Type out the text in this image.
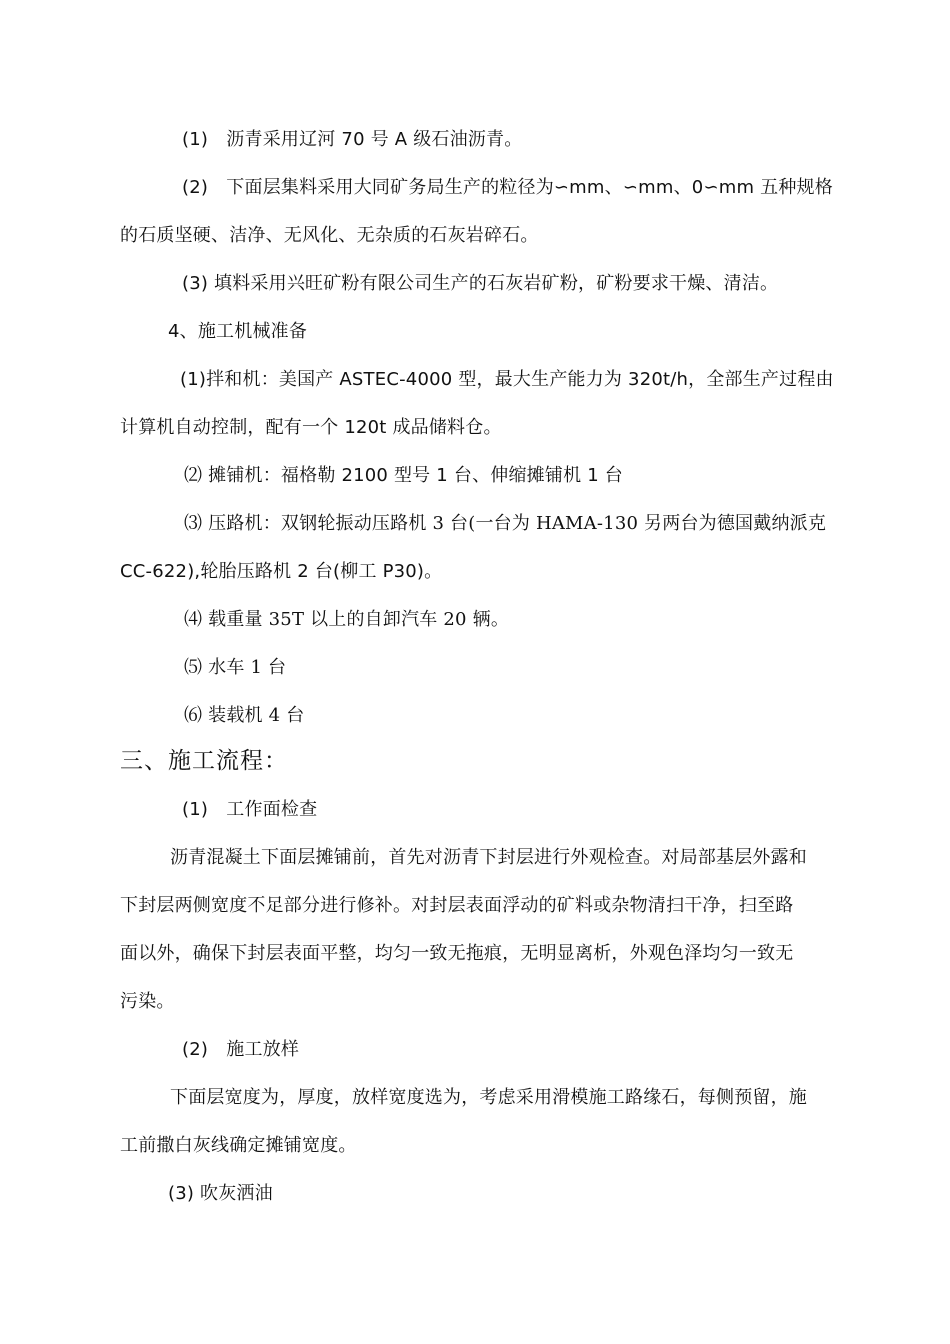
(1)　沥青采用辽河 70 号 A 级石油沥青。
(2)　下面层集料采用大同矿务局生产的粒径为∽mm、∽mm、0∽mm 五种规格
的石质坚硬、洁净、无风化、无杂质的石灰岩碎石。
(3) 填料采用兴旺矿粉有限公司生产的石灰岩矿粉，矿粉要求干燥、清洁。
4、施工机械准备
(1)拌和机：美国产 ASTEC-4000 型，最大生产能力为 320t/h，全部生产过程由
计算机自动控制，配有一个 120t 成品储料仓。
⑵ 摊铺机：福格勒 2100 型号 1 台、伸缩摊铺机 1 台
⑶ 压路机：双钢轮振动压路机 3 台(一台为 HAMA-130 另两台为德国戴纳派克
CC-622),轮胎压路机 2 台(柳工 P30)。
⑷ 载重量 35T 以上的自卸汽车 20 辆。
⑸ 水车 1 台
⑹ 装载机 4 台
三、施工流程：
(1)　工作面检查
沥青混凝土下面层摊铺前，首先对沥青下封层进行外观检查。对局部基层外露和
下封层两侧宽度不足部分进行修补。对封层表面浮动的矿料或杂物清扫干净，扫至路
面以外，确保下封层表面平整，均匀一致无拖痕，无明显离析，外观色泽均匀一致无
污染。
(2)　施工放样
下面层宽度为，厚度，放样宽度选为，考虑采用滑模施工路缘石，每侧预留，施
工前撒白灰线确定摊铺宽度。
(3) 吹灰洒油
